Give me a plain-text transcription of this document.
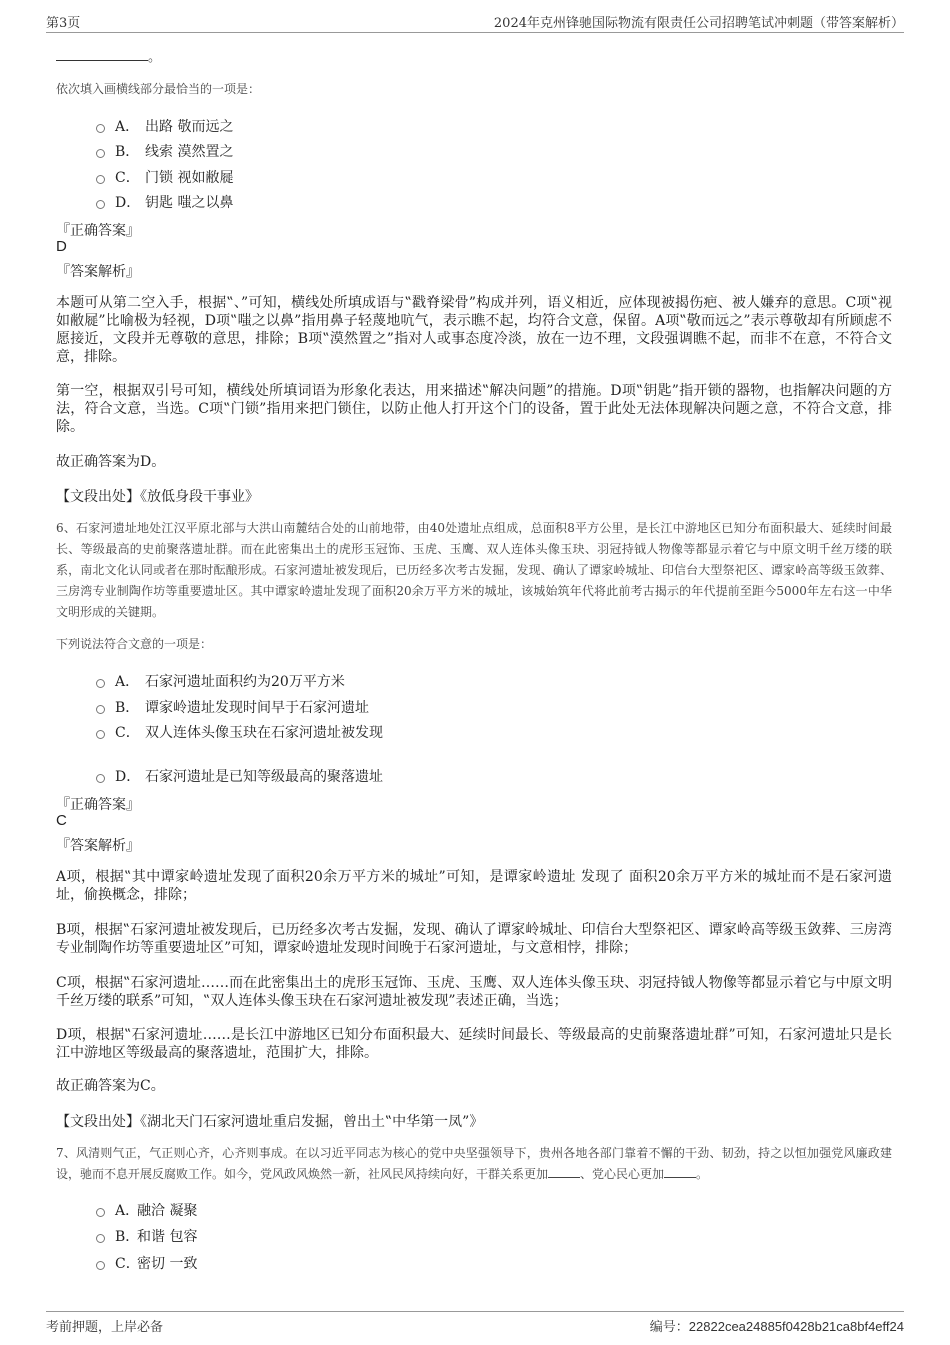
第3页	2024年克州锋驰国际物流有限责任公司招聘笔试冲刺题（带答案解析）
。
依次填入画横线部分最恰当的一项是：
A． 出路 敬而远之
B． 线索 漠然置之
C． 门锁 视如敝屣
D． 钥匙 嗤之以鼻
『正确答案』
D
『答案解析』
本题可从第二空入手，根据‟、”可知，横线处所填成语与‟戳脊梁骨”构成并列，语义相近，应体现被揭伤疤、被人嫌弃的意思。C项‟视如敝屣”比喻极为轻视，D项‟嗤之以鼻”指用鼻子轻蔑地吭气，表示瞧不起，均符合文意，保留。A项‟敬而远之”表示尊敬却有所顾虑不愿接近，文段并无尊敬的意思，排除；B项‟漠然置之”指对人或事态度冷淡，放在一边不理，文段强调瞧不起，而非不在意，不符合文意，排除。
第一空，根据双引号可知，横线处所填词语为形象化表达，用来描述‟解决问题”的措施。D项‟钥匙”指开锁的器物，也指解决问题的方法，符合文意，当选。C项‟门锁”指用来把门锁住，以防止他人打开这个门的设备，置于此处无法体现解决问题之意，不符合文意，排除。
故正确答案为D。
【文段出处】《放低身段干事业》
6、石家河遗址地处江汉平原北部与大洪山南麓结合处的山前地带，由40处遗址点组成，总面积8平方公里，是长江中游地区已知分布面积最大、延续时间最长、等级最高的史前聚落遗址群。而在此密集出土的虎形玉冠饰、玉虎、玉鹰、双人连体头像玉玦、羽冠持钺人物像等都显示着它与中原文明千丝万缕的联系，南北文化认同或者在那时酝酿形成。石家河遗址被发现后，已历经多次考古发掘，发现、确认了谭家岭城址、印信台大型祭祀区、谭家岭高等级玉敛葬、三房湾专业制陶作坊等重要遗址区。其中谭家岭遗址发现了面积20余万平方米的城址，该城始筑年代将此前考古揭示的年代提前至距今5000年左右这一中华文明形成的关键期。
下列说法符合文意的一项是：
A． 石家河遗址面积约为20万平方米
B． 谭家岭遗址发现时间早于石家河遗址
C． 双人连体头像玉玦在石家河遗址被发现
D． 石家河遗址是已知等级最高的聚落遗址
『正确答案』
C
『答案解析』
A项，根据‟其中谭家岭遗址发现了面积20余万平方米的城址”可知，是谭家岭遗址 发现了 面积20余万平方米的城址而不是石家河遗址，偷换概念，排除；
B项，根据‟石家河遗址被发现后，已历经多次考古发掘，发现、确认了谭家岭城址、印信台大型祭祀区、谭家岭高等级玉敛葬、三房湾专业制陶作坊等重要遗址区”可知，谭家岭遗址发现时间晚于石家河遗址，与文意相悖，排除；
C项，根据‟石家河遗址……而在此密集出土的虎形玉冠饰、玉虎、玉鹰、双人连体头像玉玦、羽冠持钺人物像等都显示着它与中原文明千丝万缕的联系”可知，‟双人连体头像玉玦在石家河遗址被发现”表述正确，当选；
D项，根据‟石家河遗址……是长江中游地区已知分布面积最大、延续时间最长、等级最高的史前聚落遗址群”可知，石家河遗址只是长江中游地区等级最高的聚落遗址，范围扩大，排除。
故正确答案为C。
【文段出处】《湖北天门石家河遗址重启发掘，曾出土‟中华第一凤”》
7、风清则气正，气正则心齐，心齐则事成。在以习近平同志为核心的党中央坚强领导下，贵州各地各部门靠着不懈的干劲、韧劲，持之以恒加强党风廉政建设，驰而不息开展反腐败工作。如今，党风政风焕然一新，社风民风持续向好，干群关系更加	、党心民心更加	。
A．
融洽 凝聚
B．
和谐 包容
C．
密切 一致
考前押题，上岸必备	编号：22822cea24885f0428b21ca8bf4eff24
